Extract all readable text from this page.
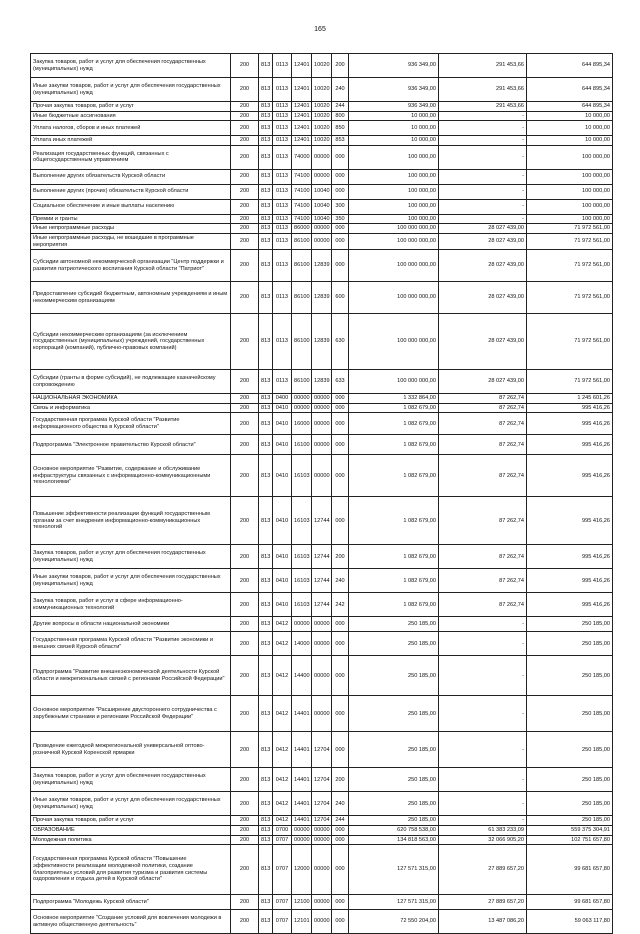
165
Закупка товаров, работ и услуг для обеспечения государственных (муниципальных) нужд	200	813	0113	12401	10020	200	936 349,00	291 453,66	644 895,34
Иные закупки товаров, работ и услуг для обеспечения государственных (муниципальных) нужд	200	813	0113	12401	10020	240	936 349,00	291 453,66	644 895,34
Прочая закупка товаров, работ и услуг	200	813	0113	12401	10020	244	936 349,00	291 453,66	644 895,34
Иные бюджетные ассигнования	200	813	0113	12401	10020	800	10 000,00	-	10 000,00
Уплата налогов, сборов и иных платежей	200	813	0113	12401	10020	850	10 000,00	-	10 000,00
Уплата иных платежей	200	813	0113	12401	10020	853	10 000,00	-	10 000,00
Реализация государственных функций, связанных с общегосударственным управлением	200	813	0113	74000	00000	000	100 000,00	-	100 000,00
Выполнение других обязательств Курской области	200	813	0113	74100	00000	000	100 000,00	-	100 000,00
Выполнение других (прочих) обязательств Курской области	200	813	0113	74100	10040	000	100 000,00	-	100 000,00
Социальное обеспечение и иные выплаты населению	200	813	0113	74100	10040	300	100 000,00	-	100 000,00
Премии и гранты	200	813	0113	74100	10040	350	100 000,00	-	100 000,00
Иные непрограммные расходы	200	813	0113	86000	00000	000	100 000 000,00	28 027 439,00	71 972 561,00
Иные непрограммные расходы, не вошедшие в программные мероприятия	200	813	0113	86100	00000	000	100 000 000,00	28 027 439,00	71 972 561,00
Субсидии автономной некоммерческой организации "Центр поддержки и развития патриотического воспитания Курской области "Патриот"	200	813	0113	86100	12839	000	100 000 000,00	28 027 439,00	71 972 561,00
Предоставление субсидий бюджетным, автономным учреждениям и иным некоммерческим организациям	200	813	0113	86100	12839	600	100 000 000,00	28 027 439,00	71 972 561,00
Субсидии некоммерческим организациям (за исключением государственных (муниципальных) учреждений, государственных корпораций (компаний), публично-правовых компаний)	200	813	0113	86100	12839	630	100 000 000,00	28 027 439,00	71 972 561,00
Субсидии (гранты в форме субсидий), не подлежащие казначейскому сопровождению	200	813	0113	86100	12839	633	100 000 000,00	28 027 439,00	71 972 561,00
НАЦИОНАЛЬНАЯ ЭКОНОМИКА	200	813	0400	00000	00000	000	1 332 864,00	87 262,74	1 245 601,26
Связь и информатика	200	813	0410	00000	00000	000	1 082 679,00	87 262,74	995 416,26
Государственная программа Курской области "Развитие информационного общества в Курской области"	200	813	0410	16000	00000	000	1 082 679,00	87 262,74	995 416,26
Подпрограмма "Электронное правительство Курской области"	200	813	0410	16100	00000	000	1 082 679,00	87 262,74	995 416,26
Основное мероприятие "Развитие, содержание и обслуживание инфраструктуры связанных с информационно-коммуникационными технологиями"	200	813	0410	16103	00000	000	1 082 679,00	87 262,74	995 416,26
Повышение эффективности реализации функций государственным органам за счет внедрения информационно-коммуникационных технологий	200	813	0410	16103	12744	000	1 082 679,00	87 262,74	995 416,26
Закупка товаров, работ и услуг для обеспечения государственных (муниципальных) нужд	200	813	0410	16103	12744	200	1 082 679,00	87 262,74	995 416,26
Иные закупки товаров, работ и услуг для обеспечения государственных (муниципальных) нужд	200	813	0410	16103	12744	240	1 082 679,00	87 262,74	995 416,26
Закупка товаров, работ и услуг в сфере информационно-коммуникационных технологий	200	813	0410	16103	12744	242	1 082 679,00	87 262,74	995 416,26
Другие вопросы в области национальной экономики	200	813	0412	00000	00000	000	250 185,00	-	250 185,00
Государственная программа Курской области "Развитие экономики и внешних связей Курской области"	200	813	0412	14000	00000	000	250 185,00	-	250 185,00
Подпрограмма "Развитие внешнеэкономической деятельности Курской области и межрегиональных связей с регионами Российской Федерации"	200	813	0412	14400	00000	000	250 185,00	-	250 185,00
Основное мероприятие "Расширение двустороннего сотрудничества с зарубежными странами и регионами Российской Федерации"	200	813	0412	14401	00000	000	250 185,00	-	250 185,00
Проведение ежегодной межрегиональной универсальной оптово-розничной Курской Коренской ярмарки	200	813	0412	14401	12704	000	250 185,00	-	250 185,00
Закупка товаров, работ и услуг для обеспечения государственных (муниципальных) нужд	200	813	0412	14401	12704	200	250 185,00	-	250 185,00
Иные закупки товаров, работ и услуг для обеспечения государственных (муниципальных) нужд	200	813	0412	14401	12704	240	250 185,00	-	250 185,00
Прочая закупка товаров, работ и услуг	200	813	0412	14401	12704	244	250 185,00	-	250 185,00
ОБРАЗОВАНИЕ	200	813	0700	00000	00000	000	620 758 538,00	61 383 233,09	559 375 304,91
Молодежная политика	200	813	0707	00000	00000	000	134 818 563,00	32 066 905,20	102 751 657,80
Государственная программа Курской области "Повышение эффективности реализации молодежной политики, создание благоприятных условий для развития туризма и развития системы оздоровления и отдыха детей в Курской области"	200	813	0707	12000	00000	000	127 571 315,00	27 889 657,20	99 681 657,80
Подпрограмма "Молодежь Курской области"	200	813	0707	12100	00000	000	127 571 315,00	27 889 657,20	99 681 657,80
Основное мероприятие "Создание условий для вовлечения молодежи в активную общественную деятельность"	200	813	0707	12101	00000	000	72 550 204,00	13 487 086,20	59 063 117,80
